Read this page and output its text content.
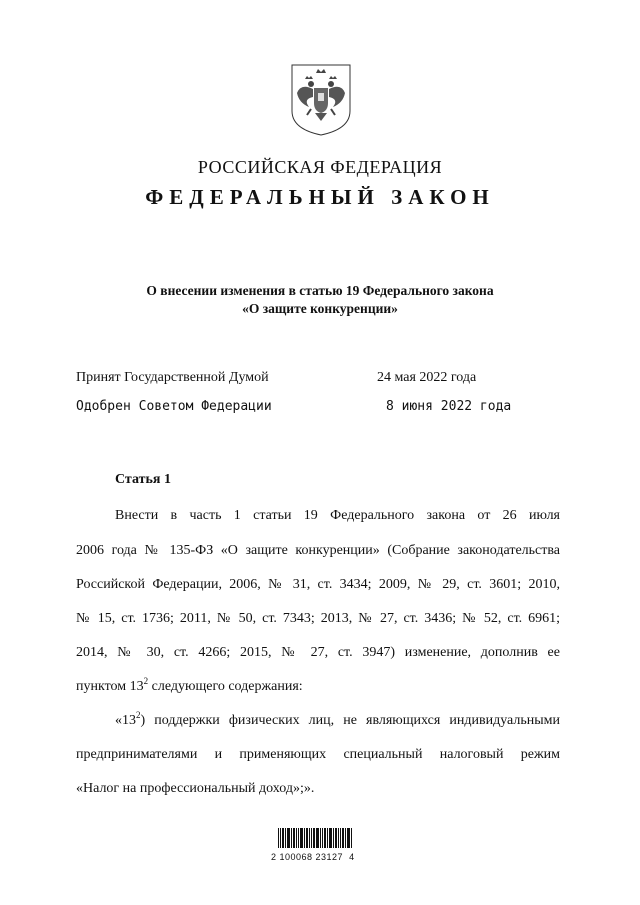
РОССИЙСКАЯ ФЕДЕРАЦИЯ
ФЕДЕРАЛЬНЫЙ ЗАКОН
О внесении изменения в статью 19 Федерального закона
«О защите конкуренции»
Принят Государственной Думой	24 мая 2022 года
Одобрен Советом Федерации	8 июня 2022 года
Статья 1
Внести в часть 1 статьи 19 Федерального закона от 26 июля
2006 года № 135-ФЗ «О защите конкуренции» (Собрание законодательства
Российской Федерации, 2006, № 31, ст. 3434; 2009, № 29, ст. 3601; 2010,
№ 15, ст. 1736; 2011, № 50, ст. 7343; 2013, № 27, ст. 3436; № 52, ст. 6961;
2014, № 30, ст. 4266; 2015, № 27, ст. 3947) изменение, дополнив ее
пунктом $13^2$ следующего содержания:
«$13^2$) поддержки физических лиц, не являющихся индивидуальными
предпринимателями и применяющих специальный налоговый режим
«Налог на профессиональный доход»;».
2 100068 23127  4
